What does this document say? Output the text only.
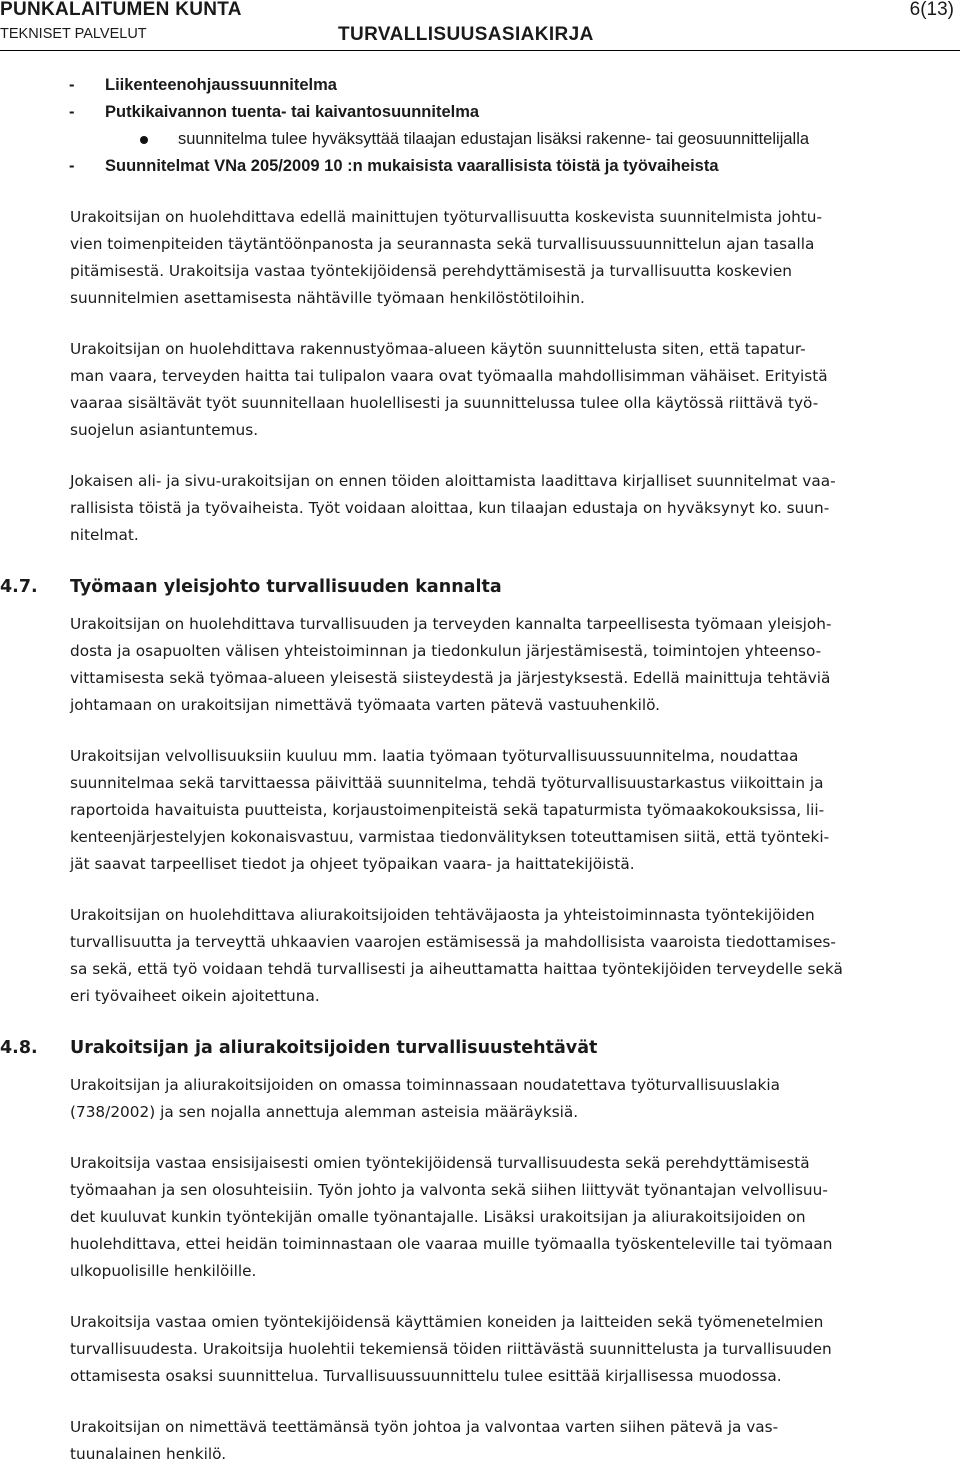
PUNKALAITUMEN KUNTA
TEKNISET PALVELUT	TURVALLISUUSASIAKIRJA
6(13)
- Liikenteenohjaussuunnitelma
- Putkikaivannon tuenta- tai kaivantosuunnitelma
suunnitelma tulee hyväksyttää tilaajan edustajan lisäksi rakenne- tai geosuunnittelijalla
- Suunnitelmat VNa 205/2009 10 :n mukaisista vaarallisista töistä ja työvaiheista
Urakoitsijan on huolehdittava edellä mainittujen työturvallisuutta koskevista suunnitelmista johtu-
vien toimenpiteiden täytäntöönpanosta ja seurannasta sekä turvallisuussuunnittelun ajan tasalla
pitämisestä. Urakoitsija vastaa työntekijöidensä perehdyttämisestä ja turvallisuutta koskevien
suunnitelmien asettamisesta nähtäville työmaan henkilöstötiloihin.
Urakoitsijan on huolehdittava rakennustyömaa-alueen käytön suunnittelusta siten, että tapatur-
man vaara, terveyden haitta tai tulipalon vaara ovat työmaalla mahdollisimman vähäiset. Erityistä
vaaraa sisältävät työt suunnitellaan huolellisesti ja suunnittelussa tulee olla käytössä riittävä työ-
suojelun asiantuntemus.
Jokaisen ali- ja sivu-urakoitsijan on ennen töiden aloittamista laadittava kirjalliset suunnitelmat vaa-
rallisista töistä ja työvaiheista. Työt voidaan aloittaa, kun tilaajan edustaja on hyväksynyt ko. suun-
nitelmat.
4.7. Työmaan yleisjohto turvallisuuden kannalta
Urakoitsijan on huolehdittava turvallisuuden ja terveyden kannalta tarpeellisesta työmaan yleisjoh-
dosta ja osapuolten välisen yhteistoiminnan ja tiedonkulun järjestämisestä, toimintojen yhteenso-
vittamisesta sekä työmaa-alueen yleisestä siisteydestä ja järjestyksestä. Edellä mainittuja tehtäviä
johtamaan on urakoitsijan nimettävä työmaata varten pätevä vastuuhenkilö.
Urakoitsijan velvollisuuksiin kuuluu mm. laatia työmaan työturvallisuussuunnitelma, noudattaa
suunnitelmaa sekä tarvittaessa päivittää suunnitelma, tehdä työturvallisuustarkastus viikoittain ja
raportoida havaituista puutteista, korjaustoimenpiteistä sekä tapaturmista työmaakokouksissa, lii-
kenteenjärjestelyjen kokonaisvastuu, varmistaa tiedonvälityksen toteuttamisen siitä, että työnteki-
jät saavat tarpeelliset tiedot ja ohjeet työpaikan vaara- ja haittatekijöistä.
Urakoitsijan on huolehdittava aliurakoitsijoiden tehtäväjaosta ja yhteistoiminnasta työntekijöiden
turvallisuutta ja terveyttä uhkaavien vaarojen estämisessä ja mahdollisista vaaroista tiedottamises-
sa sekä, että työ voidaan tehdä turvallisesti ja aiheuttamatta haittaa työntekijöiden terveydelle sekä
eri työvaiheet oikein ajoitettuna.
4.8. Urakoitsijan ja aliurakoitsijoiden turvallisuustehtävät
Urakoitsijan ja aliurakoitsijoiden on omassa toiminnassaan noudatettava työturvallisuuslakia
(738/2002) ja sen nojalla annettuja alemman asteisia määräyksiä.
Urakoitsija vastaa ensisijaisesti omien työntekijöidensä turvallisuudesta sekä perehdyttämisestä
työmaahan ja sen olosuhteisiin. Työn johto ja valvonta sekä siihen liittyvät työnantajan velvollisuu-
det kuuluvat kunkin työntekijän omalle työnantajalle. Lisäksi urakoitsijan ja aliurakoitsijoiden on
huolehdittava, ettei heidän toiminnastaan ole vaaraa muille työmaalla työskenteleville tai työmaan
ulkopuolisille henkilöille.
Urakoitsija vastaa omien työntekijöidensä käyttämien koneiden ja laitteiden sekä työmenetelmien
turvallisuudesta. Urakoitsija huolehtii tekemiensä töiden riittävästä suunnittelusta ja turvallisuuden
ottamisesta osaksi suunnittelua. Turvallisuussuunnittelu tulee esittää kirjallisessa muodossa.
Urakoitsijan on nimettävä teettämänsä työn johtoa ja valvontaa varten siihen pätevä ja vas-
tuunalainen henkilö.
